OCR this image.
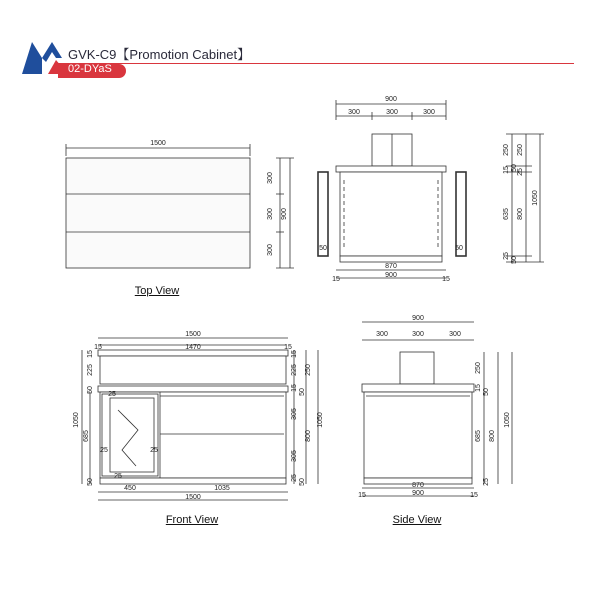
GVK-C9【Promotion Cabinet】
02-DYaS
1500
300
300
300
900
900
300	300	300
870
900
15	15
50	50
250 250
15 50
25
635 800
1050
25
50
1500
1470
15	15
1050
685
225
15
50
50
25
25	25
25
15
225 250
15
50
305
305
25
50
800
1050
450	1035
1500
900
300	300	300
870
900
15	15
250
15
50
685
25
800
1050
Top View
Front View	Side View
